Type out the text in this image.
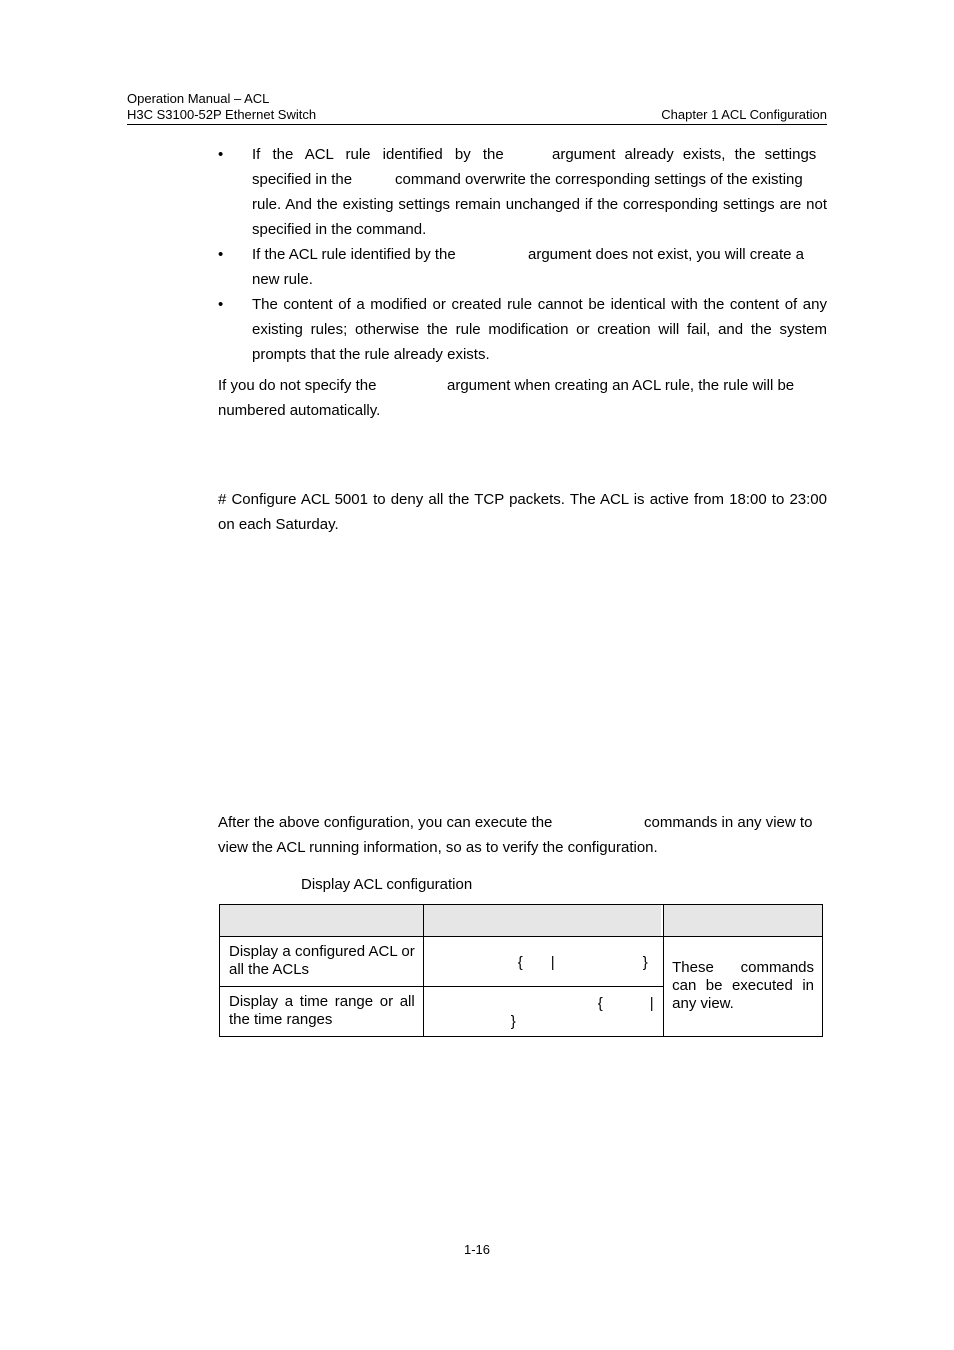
Operation Manual – ACL
H3C S3100-52P Ethernet Switch	Chapter 1 ACL Configuration
•	If the ACL rule identified by the	argument already exists, the settings
specified in the	command overwrite the corresponding settings of the existing
rule. And the existing settings remain unchanged if the corresponding settings are not specified in the command.
•	If the ACL rule identified by the	argument does not exist, you will create a
new rule.
•	The content of a modified or created rule cannot be identical with the content of any existing rules; otherwise the rule modification or creation will fail, and the system prompts that the rule already exists.
If you do not specify the	argument when creating an ACL rule, the rule will be
numbered automatically.
# Configure ACL 5001 to deny all the TCP packets. The ACL is active from 18:00 to 23:00 on each Saturday.
After the above configuration, you can execute the	commands in any view to
view the ACL running information, so as to verify the configuration.
Display ACL configuration

Display a configured ACL or all the ACLs	{ | }	These commands can be executed in any view.

Display a time range or all the time ranges	{ |
}	
1-16
